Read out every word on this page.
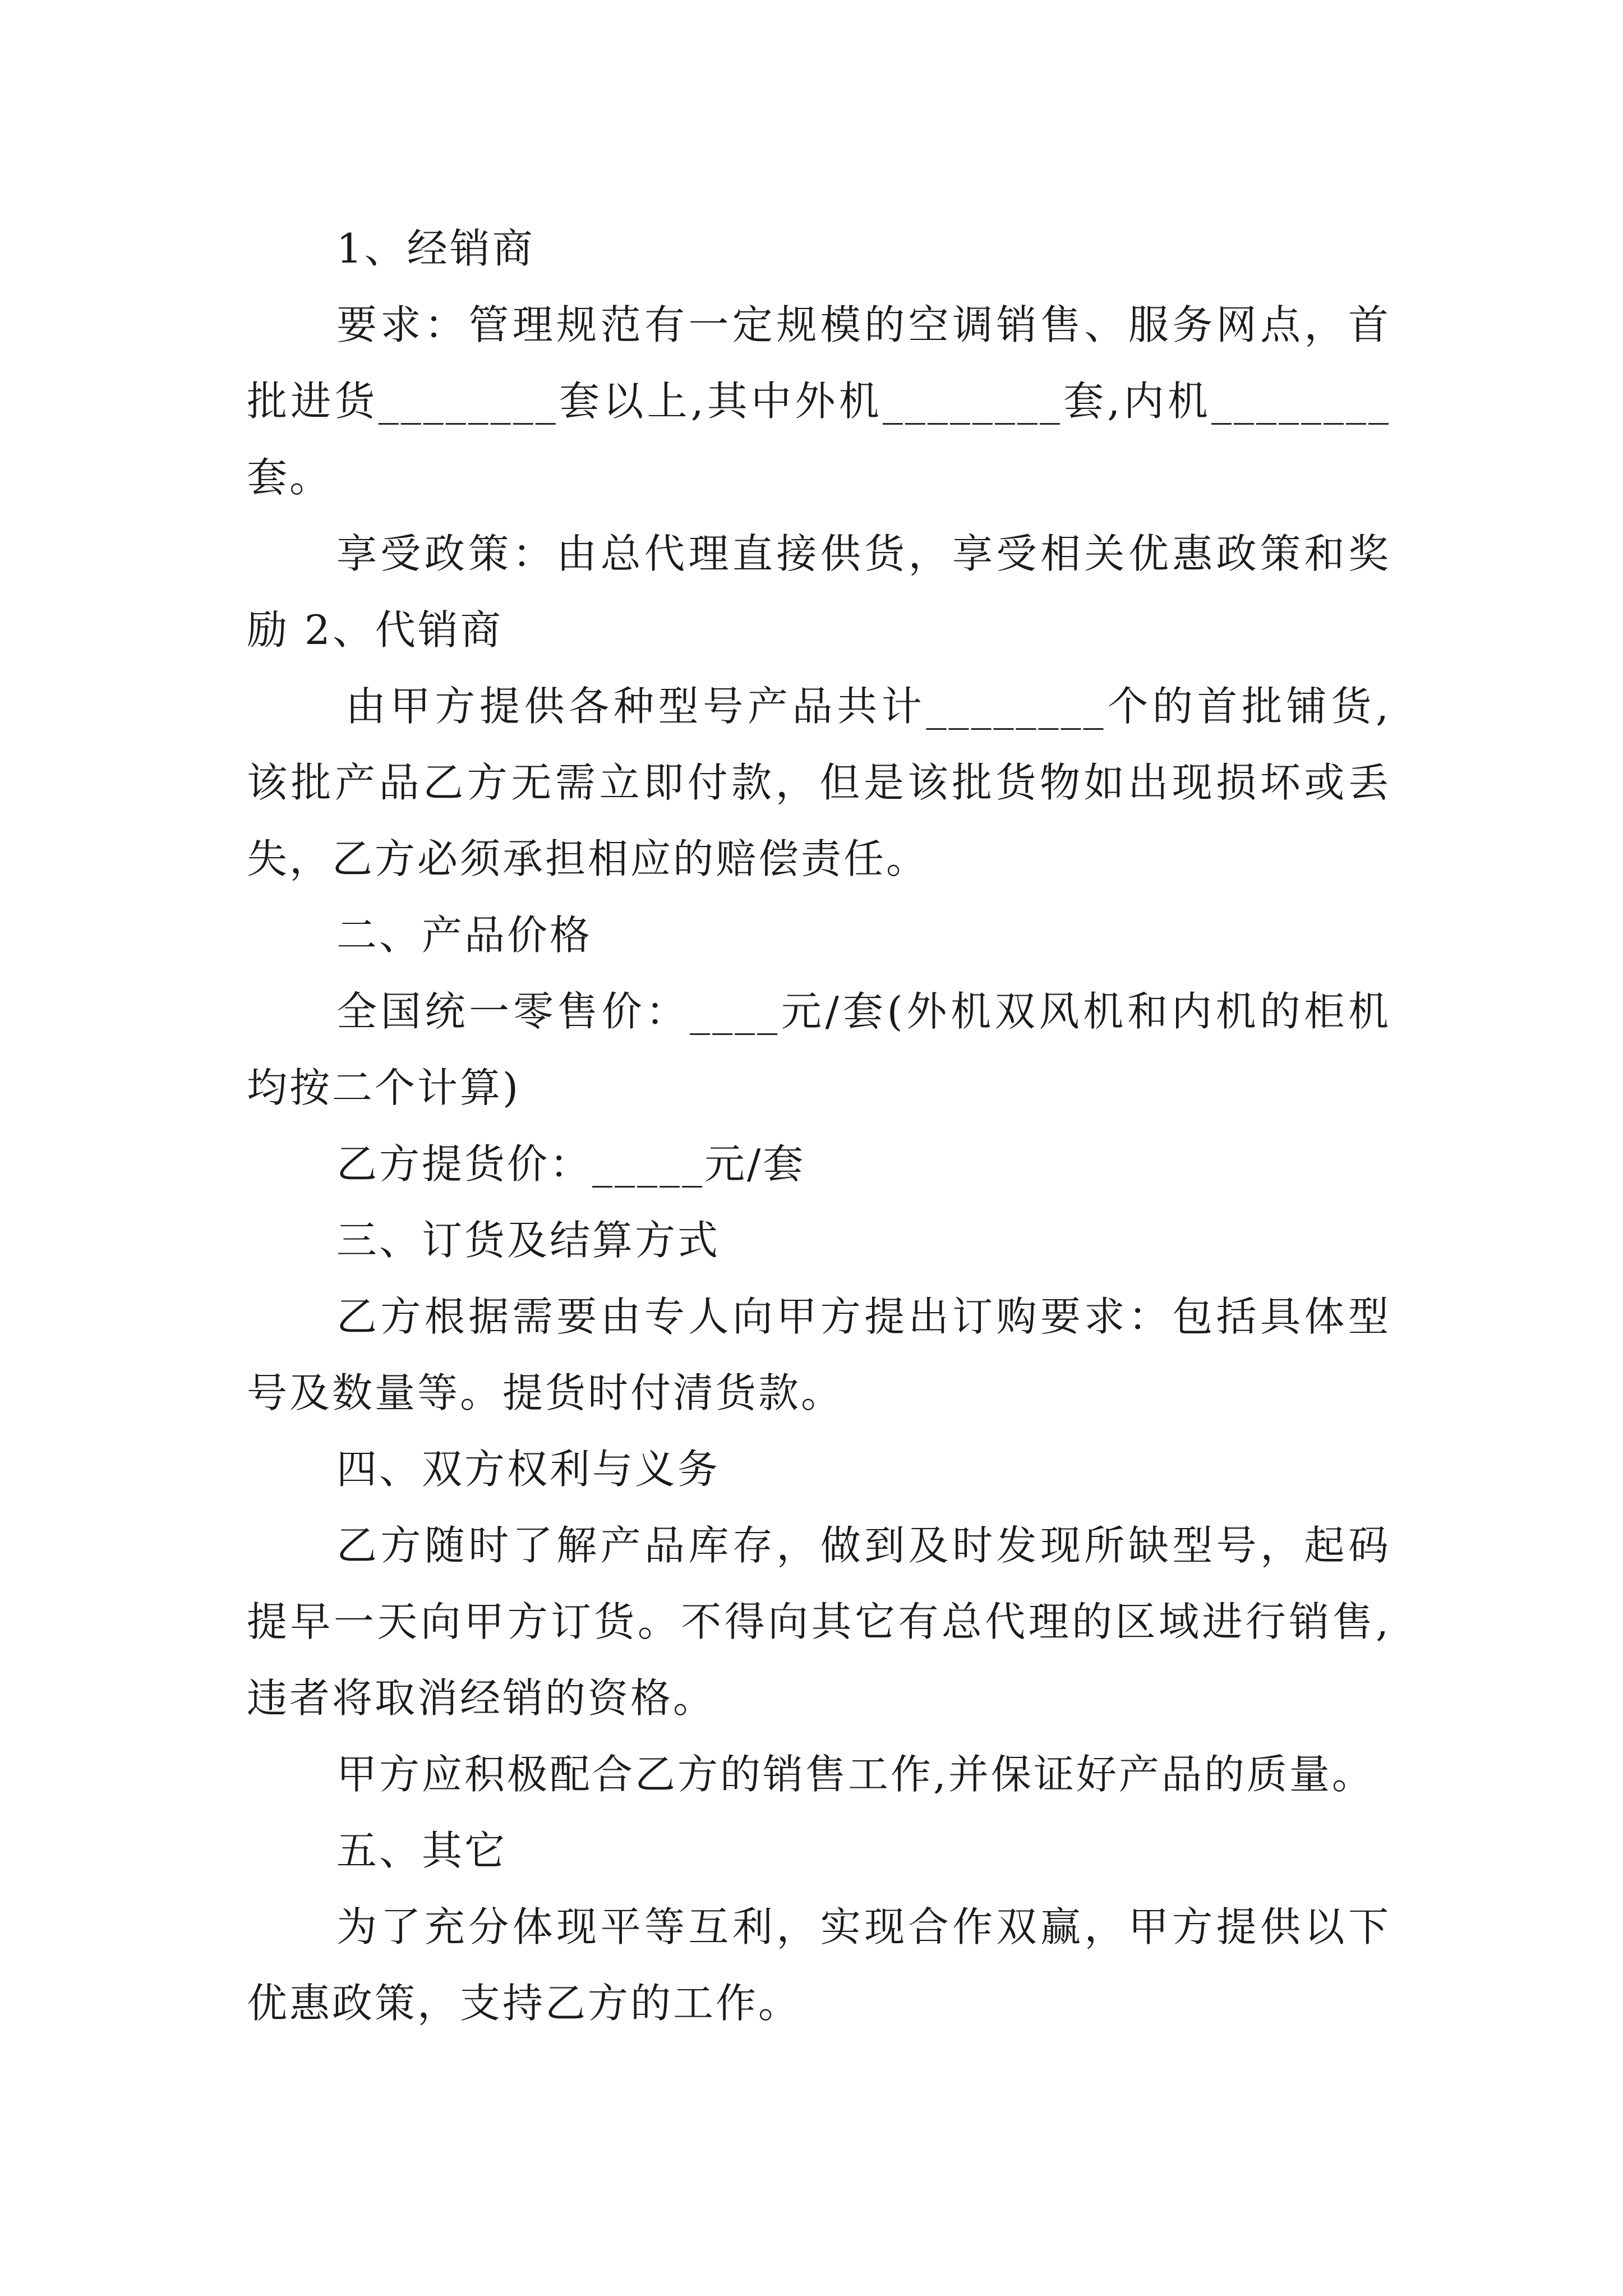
1、经销商

要求：管理规范有一定规模的空调销售、服务网点，首批进货________套以上,其中外机________套,内机________套。

享受政策：由总代理直接供货，享受相关优惠政策和奖励 2、代销商

由甲方提供各种型号产品共计________个的首批铺货,该批产品乙方无需立即付款，但是该批货物如出现损坏或丢失，乙方必须承担相应的赔偿责任。

二、产品价格

全国统一零售价：____元/套(外机双风机和内机的柜机均按二个计算)

乙方提货价：_____元/套

三、订货及结算方式

乙方根据需要由专人向甲方提出订购要求：包括具体型号及数量等。提货时付清货款。

四、双方权利与义务

乙方随时了解产品库存，做到及时发现所缺型号，起码提早一天向甲方订货。不得向其它有总代理的区域进行销售,违者将取消经销的资格。

甲方应积极配合乙方的销售工作,并保证好产品的质量。

五、其它

为了充分体现平等互利，实现合作双赢，甲方提供以下优惠政策，支持乙方的工作。
